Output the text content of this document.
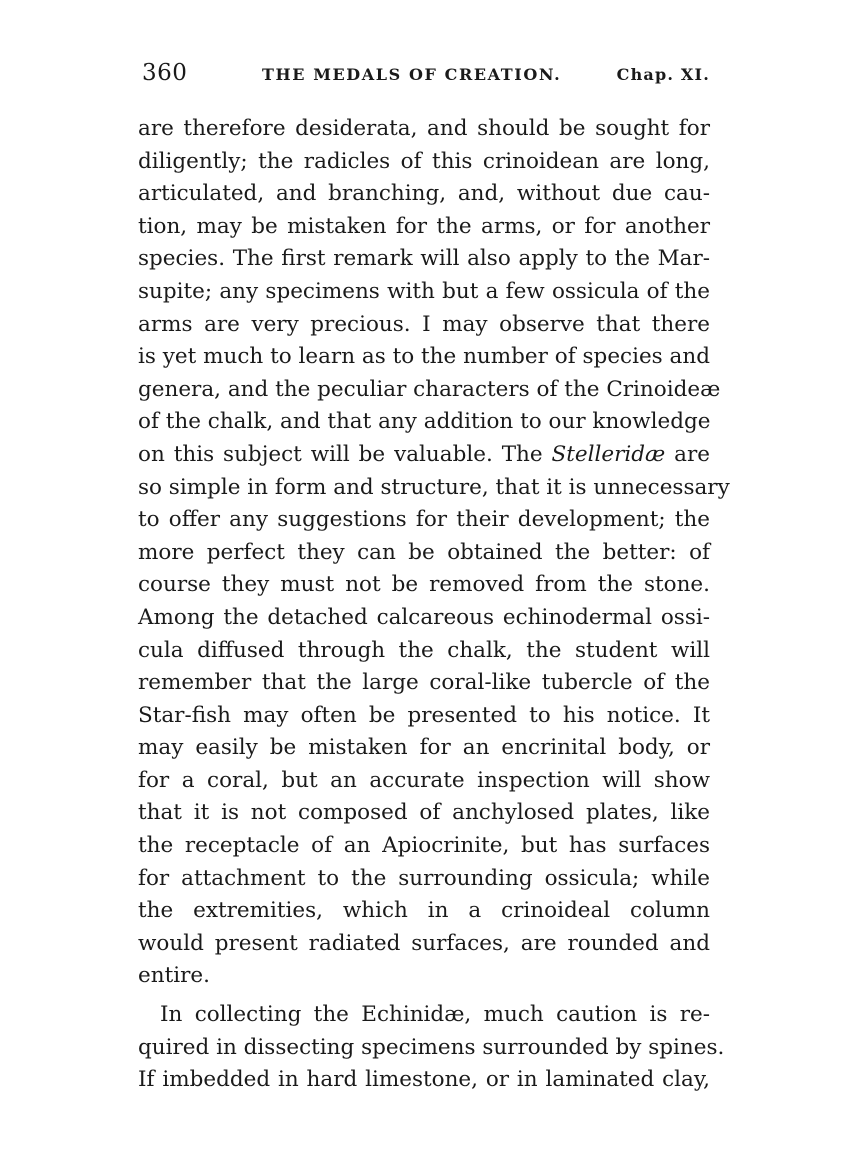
360	THE MEDALS OF CREATION.	Chap. XI.
are therefore desiderata, and should be sought for
diligently; the radicles of this crinoidean are long,
articulated, and branching, and, without due cau-
tion, may be mistaken for the arms, or for another
species. The first remark will also apply to the Mar-
supite; any specimens with but a few ossicula of the
arms are very precious. I may observe that there
is yet much to learn as to the number of species and
genera, and the peculiar characters of the Crinoideæ
of the chalk, and that any addition to our knowledge
on this subject will be valuable. The Stelleridæ are
so simple in form and structure, that it is unnecessary
to offer any suggestions for their development; the
more perfect they can be obtained the better: of
course they must not be removed from the stone.
Among the detached calcareous echinodermal ossi-
cula diffused through the chalk, the student will
remember that the large coral-like tubercle of the
Star-fish may often be presented to his notice. It
may easily be mistaken for an encrinital body, or
for a coral, but an accurate inspection will show
that it is not composed of anchylosed plates, like
the receptacle of an Apiocrinite, but has surfaces
for attachment to the surrounding ossicula; while
the extremities, which in a crinoideal column
would present radiated surfaces, are rounded and
entire.
In collecting the Echinidæ, much caution is re-
quired in dissecting specimens surrounded by spines.
If imbedded in hard limestone, or in laminated clay,
